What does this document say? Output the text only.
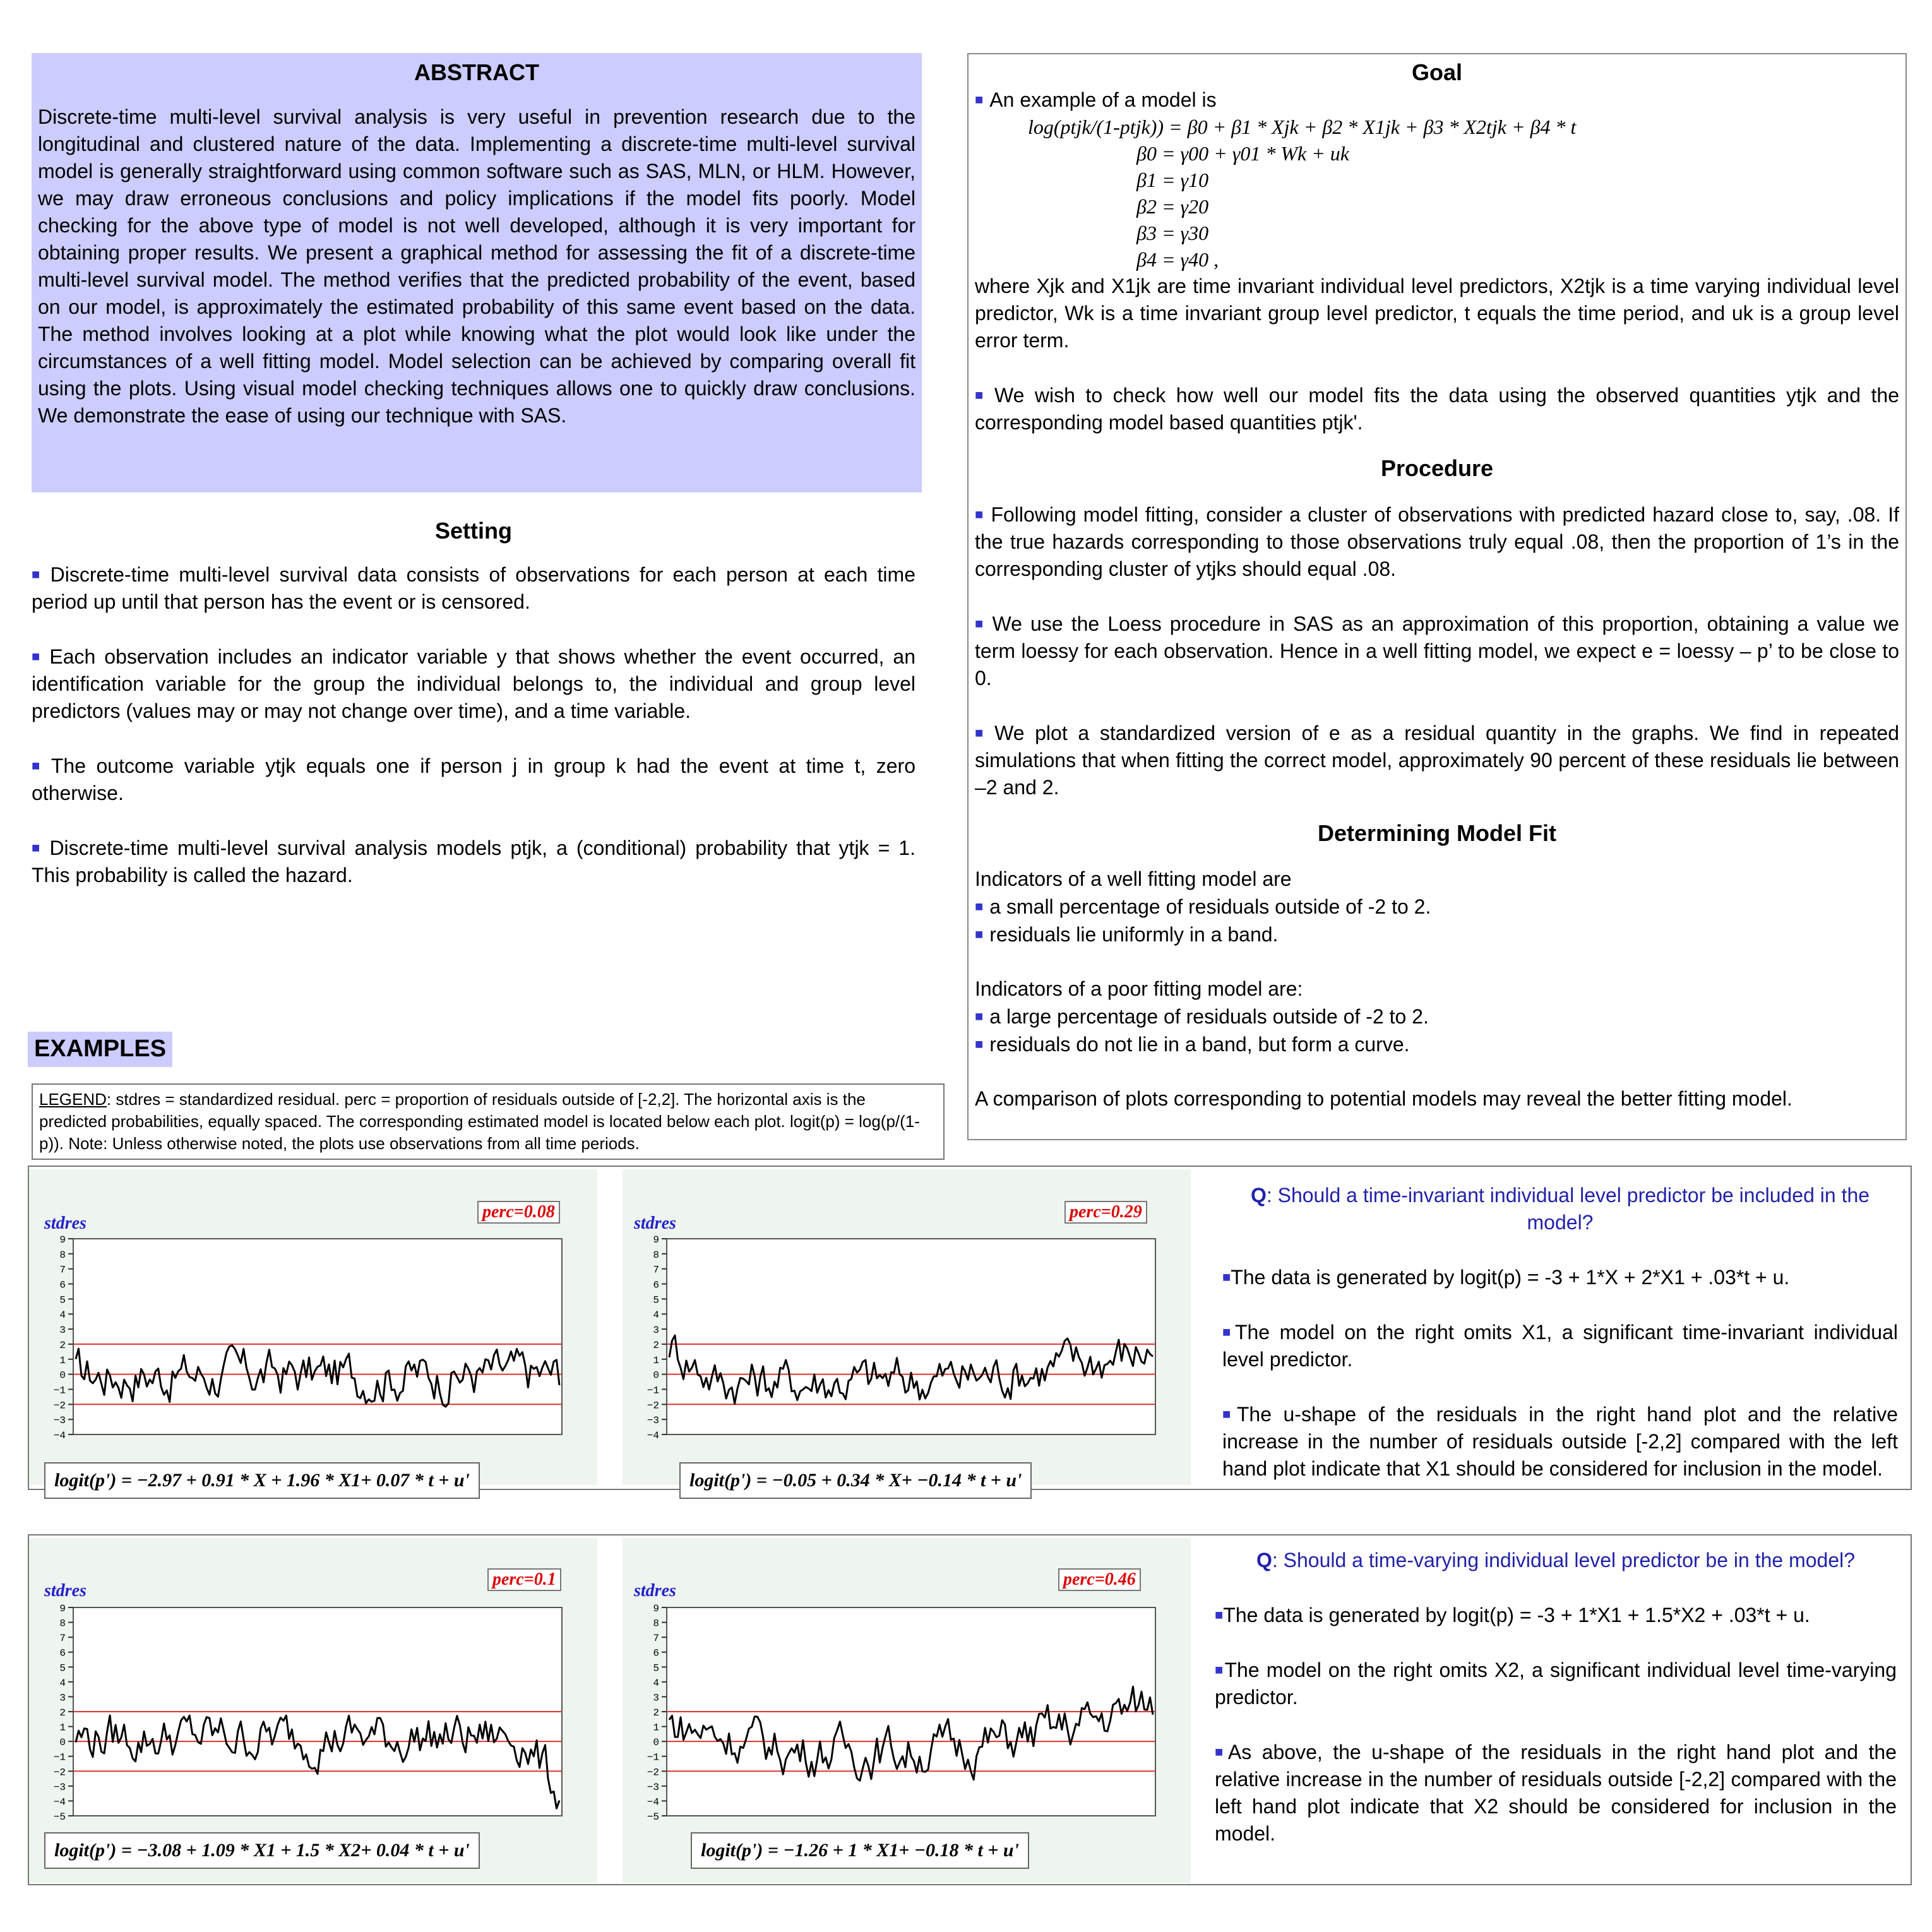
ABSTRACT

Discrete-time multi-level survival analysis is very useful in prevention research due to the longitudinal and clustered nature of the data. Implementing a discrete-time multi-level survival model is generally straightforward using common software such as SAS, MLN, or HLM. However, we may draw erroneous conclusions and policy implications if the model fits poorly. Model checking for the above type of model is not well developed, although it is very important for obtaining proper results. We present a graphical method for assessing the fit of a discrete-time multi-level survival model. The method verifies that the predicted probability of the event, based on our model, is approximately the estimated probability of this same event based on the data. The method involves looking at a plot while knowing what the plot would look like under the circumstances of a well fitting model. Model selection can be achieved by comparing overall fit using the plots. Using visual model checking techniques allows one to quickly draw conclusions. We demonstrate the ease of using our technique with SAS.

Setting

■ Discrete-time multi-level survival data consists of observations for each person at each time period up until that person has the event or is censored.

■ Each observation includes an indicator variable y that shows whether the event occurred, an identification variable for the group the individual belongs to, the individual and group level predictors (values may or may not change over time), and a time variable.

■ The outcome variable ytjk equals one if person j in group k had the event at time t, zero otherwise.

■ Discrete-time multi-level survival analysis models ptjk, a (conditional) probability that ytjk = 1. This probability is called the hazard.

EXAMPLES
LEGEND: stdres = standardized residual. perc = proportion of residuals outside of [-2,2]. The horizontal axis is the predicted probabilities, equally spaced. The corresponding estimated model is located below each plot. logit(p) = log(p/(1-p)). Note: Unless otherwise noted, the plots use observations from all time periods.

Goal

■ An example of a model is

log(ptjk/(1-ptjk)) = β0 + β1 * Xjk + β2 * X1jk + β3 * X2tjk + β4 * t
β0 = γ00 + γ01 * Wk + uk
β1 = γ10
β2 = γ20
β3 = γ30
β4 = γ40 ,

where Xjk and X1jk are time invariant individual level predictors, X2tjk is a time varying individual level predictor, Wk is a time invariant group level predictor, t equals the time period, and uk is a group level error term.

■ We wish to check how well our model fits the data using the observed quantities ytjk and the corresponding model based quantities ptjk'.

Procedure

■ Following model fitting, consider a cluster of observations with predicted hazard close to, say, .08. If the true hazards corresponding to those observations truly equal .08, then the proportion of 1’s in the corresponding cluster of ytjks should equal .08.

■ We use the Loess procedure in SAS as an approximation of this proportion, obtaining a value we term loessy for each observation. Hence in a well fitting model, we expect e = loessy – p’ to be close to 0.

■ We plot a standardized version of e as a residual quantity in the graphs. We find in repeated simulations that when fitting the correct model, approximately 90 percent of these residuals lie between –2 and 2.

Determining Model Fit

Indicators of a well fitting model are

■ a small percentage of residuals outside of -2 to 2.

■ residuals lie uniformly in a band.

Indicators of a poor fitting model are:

■ a large percentage of residuals outside of -2 to 2.

■ residuals do not lie in a band, but form a curve.

A comparison of plots corresponding to potential models may reveal the better fitting model.

stdres
perc=0.08
−4
−3
−2
−1
0
1
2
3
4
5
6
7
8
9
logit(p') = −2.97 + 0.91 * X + 1.96 * X1+ 0.07 * t + u'
stdres
perc=0.29
−4
−3
−2
−1
0
1
2
3
4
5
6
7
8
9
logit(p') = −0.05 + 0.34 * X+ −0.14 * t + u'
Q: Should a time-invariant individual level predictor be included in the model?
■The data is generated by logit(p) = -3 + 1*X + 2*X1 + .03*t + u.
■The model on the right omits X1, a significant time-invariant individual level predictor.
■The u-shape of the residuals in the right hand plot and the relative increase in the number of residuals outside [-2,2] compared with the left hand plot indicate that X1 should be considered for inclusion in the model.
stdres
perc=0.1
−5
−4
−3
−2
−1
0
1
2
3
4
5
6
7
8
9
logit(p') = −3.08 + 1.09 * X1 + 1.5 * X2+ 0.04 * t + u'
stdres
perc=0.46
−5
−4
−3
−2
−1
0
1
2
3
4
5
6
7
8
9
logit(p') = −1.26 + 1 * X1+ −0.18 * t + u'
Q: Should a time-varying individual level predictor be in the model?
■The data is generated by logit(p) = -3 + 1*X1 + 1.5*X2 + .03*t + u.
■The model on the right omits X2, a significant individual level time-varying predictor.
■As above, the u-shape of the residuals in the right hand plot and the relative increase in the number of residuals outside [-2,2] compared with the left hand plot indicate that X2 should be considered for inclusion in the model.
